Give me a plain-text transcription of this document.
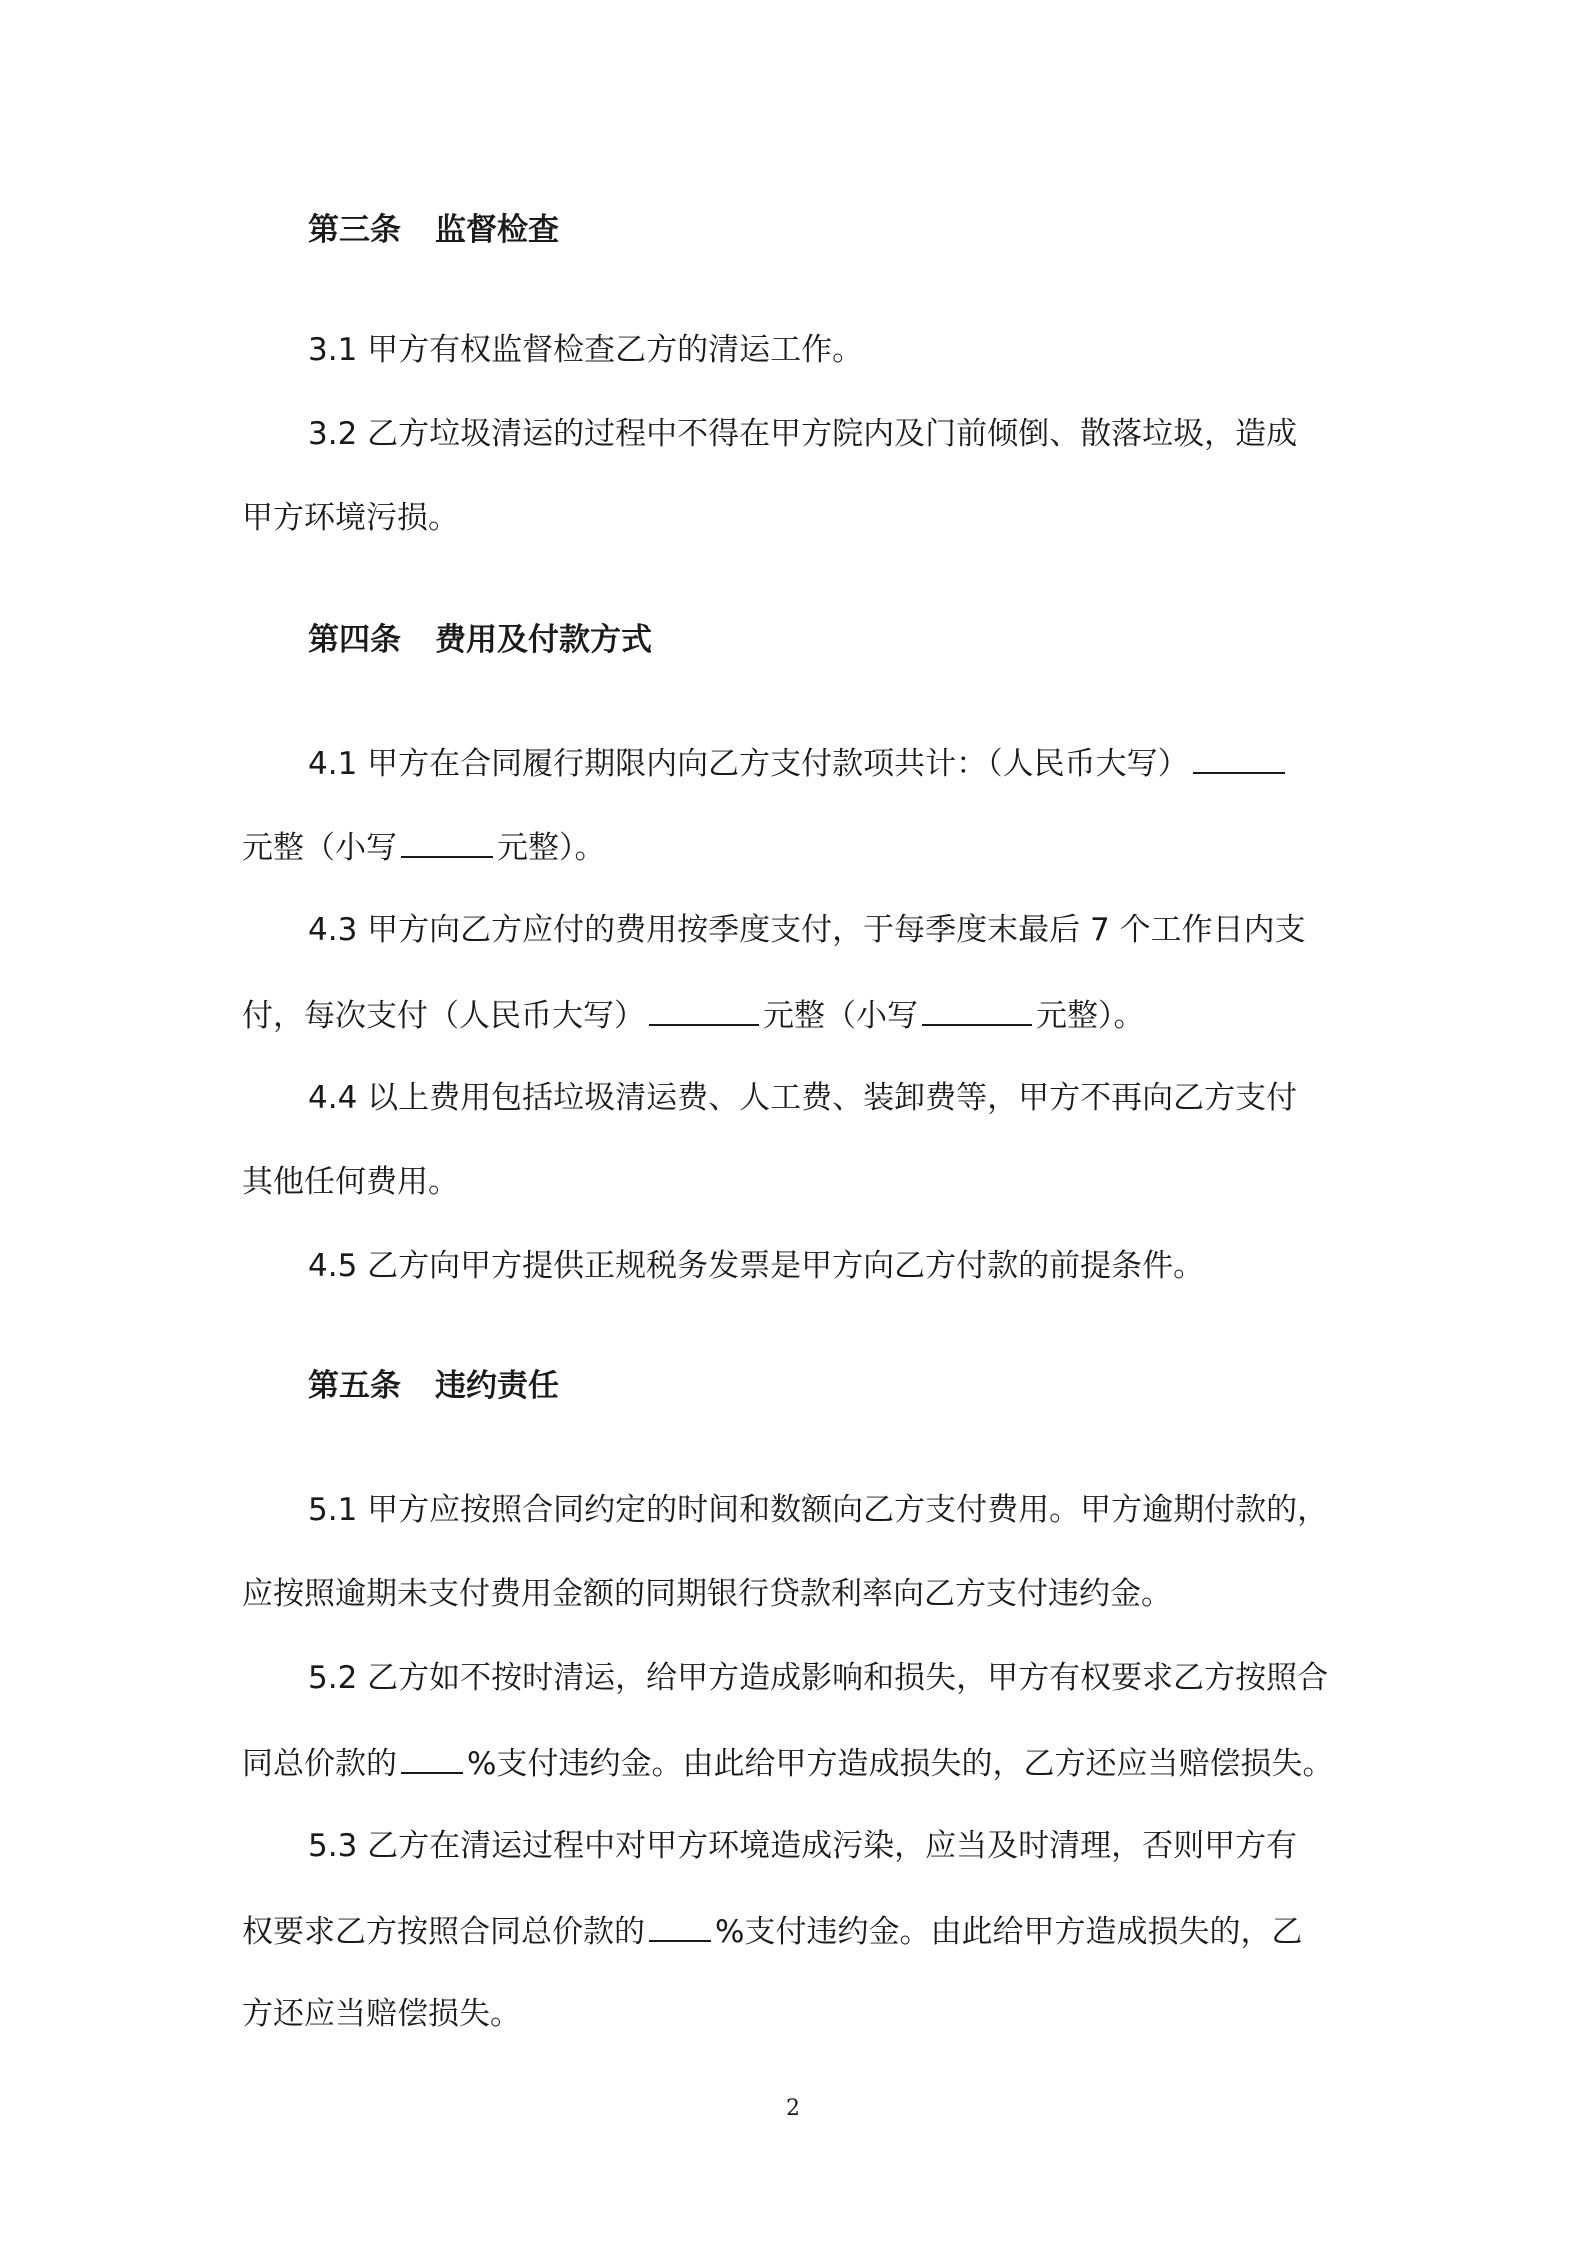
第三条 监督检查
3.1 甲方有权监督检查乙方的清运工作。
3.2 乙方垃圾清运的过程中不得在甲方院内及门前倾倒、散落垃圾，造成
甲方环境污损。
第四条 费用及付款方式
4.1 甲方在合同履行期限内向乙方支付款项共计：（人民币大写）
元整（小写	元整）。
4.3 甲方向乙方应付的费用按季度支付，于每季度末最后 7 个工作日内支
付，每次支付（人民币大写）	元整（小写	元整）。
4.4 以上费用包括垃圾清运费、人工费、装卸费等，甲方不再向乙方支付
其他任何费用。
4.5 乙方向甲方提供正规税务发票是甲方向乙方付款的前提条件。
第五条 违约责任
5.1 甲方应按照合同约定的时间和数额向乙方支付费用。甲方逾期付款的，
应按照逾期未支付费用金额的同期银行贷款利率向乙方支付违约金。
5.2 乙方如不按时清运，给甲方造成影响和损失，甲方有权要求乙方按照合
同总价款的 %支付违约金。由此给甲方造成损失的，乙方还应当赔偿损失。
5.3 乙方在清运过程中对甲方环境造成污染，应当及时清理，否则甲方有
权要求乙方按照合同总价款的 %支付违约金。由此给甲方造成损失的，乙
方还应当赔偿损失。
2
